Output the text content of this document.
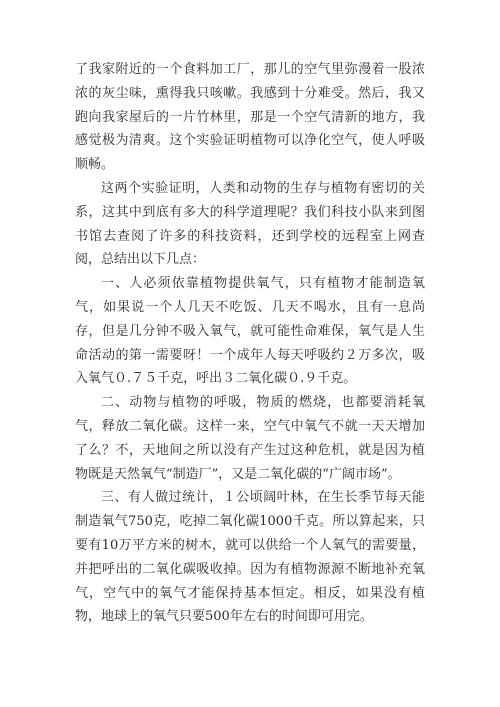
了我家附近的一个食料加工厂，那儿的空气里弥漫着一股浓浓的灰尘味，熏得我只咳嗽。我感到十分难受。然后，我又跑向我家屋后的一片竹林里，那是一个空气清新的地方，我感觉极为清爽。这个实验证明植物可以净化空气，使人呼吸顺畅。

这两个实验证明，人类和动物的生存与植物有密切的关系，这其中到底有多大的科学道理呢？我们科技小队来到图书馆去查阅了许多的科技资料，还到学校的远程室上网查阅，总结出以下几点：

一、人必须依靠植物提供氧气，只有植物才能制造氧气，如果说一个人几天不吃饭、几天不喝水，且有一息尚存，但是几分钟不吸入氧气，就可能性命难保，氧气是人生命活动的第一需要呀！一个成年人每天呼吸约２万多次，吸入氧气０.７５千克，呼出３二氧化碳０.９千克。

二、动物与植物的呼吸，物质的燃烧，也都要消耗氧气，释放二氧化碳。这样一来，空气中氧气不就一天天增加了么？不，天地间之所以没有产生过这种危机，就是因为植物既是天然氧气“制造厂”，又是二氧化碳的“广阔市场”。

三、有人做过统计，１公顷阔叶林，在生长季节每天能制造氧气750克，吃掉二氧化碳1000千克。所以算起来，只要有10万平方米的树木，就可以供给一个人氧气的需要量，并把呼出的二氧化碳吸收掉。因为有植物源源不断地补充氧气，空气中的氧气才能保持基本恒定。相反，如果没有植物，地球上的氧气只要500年左右的时间即可用完。
